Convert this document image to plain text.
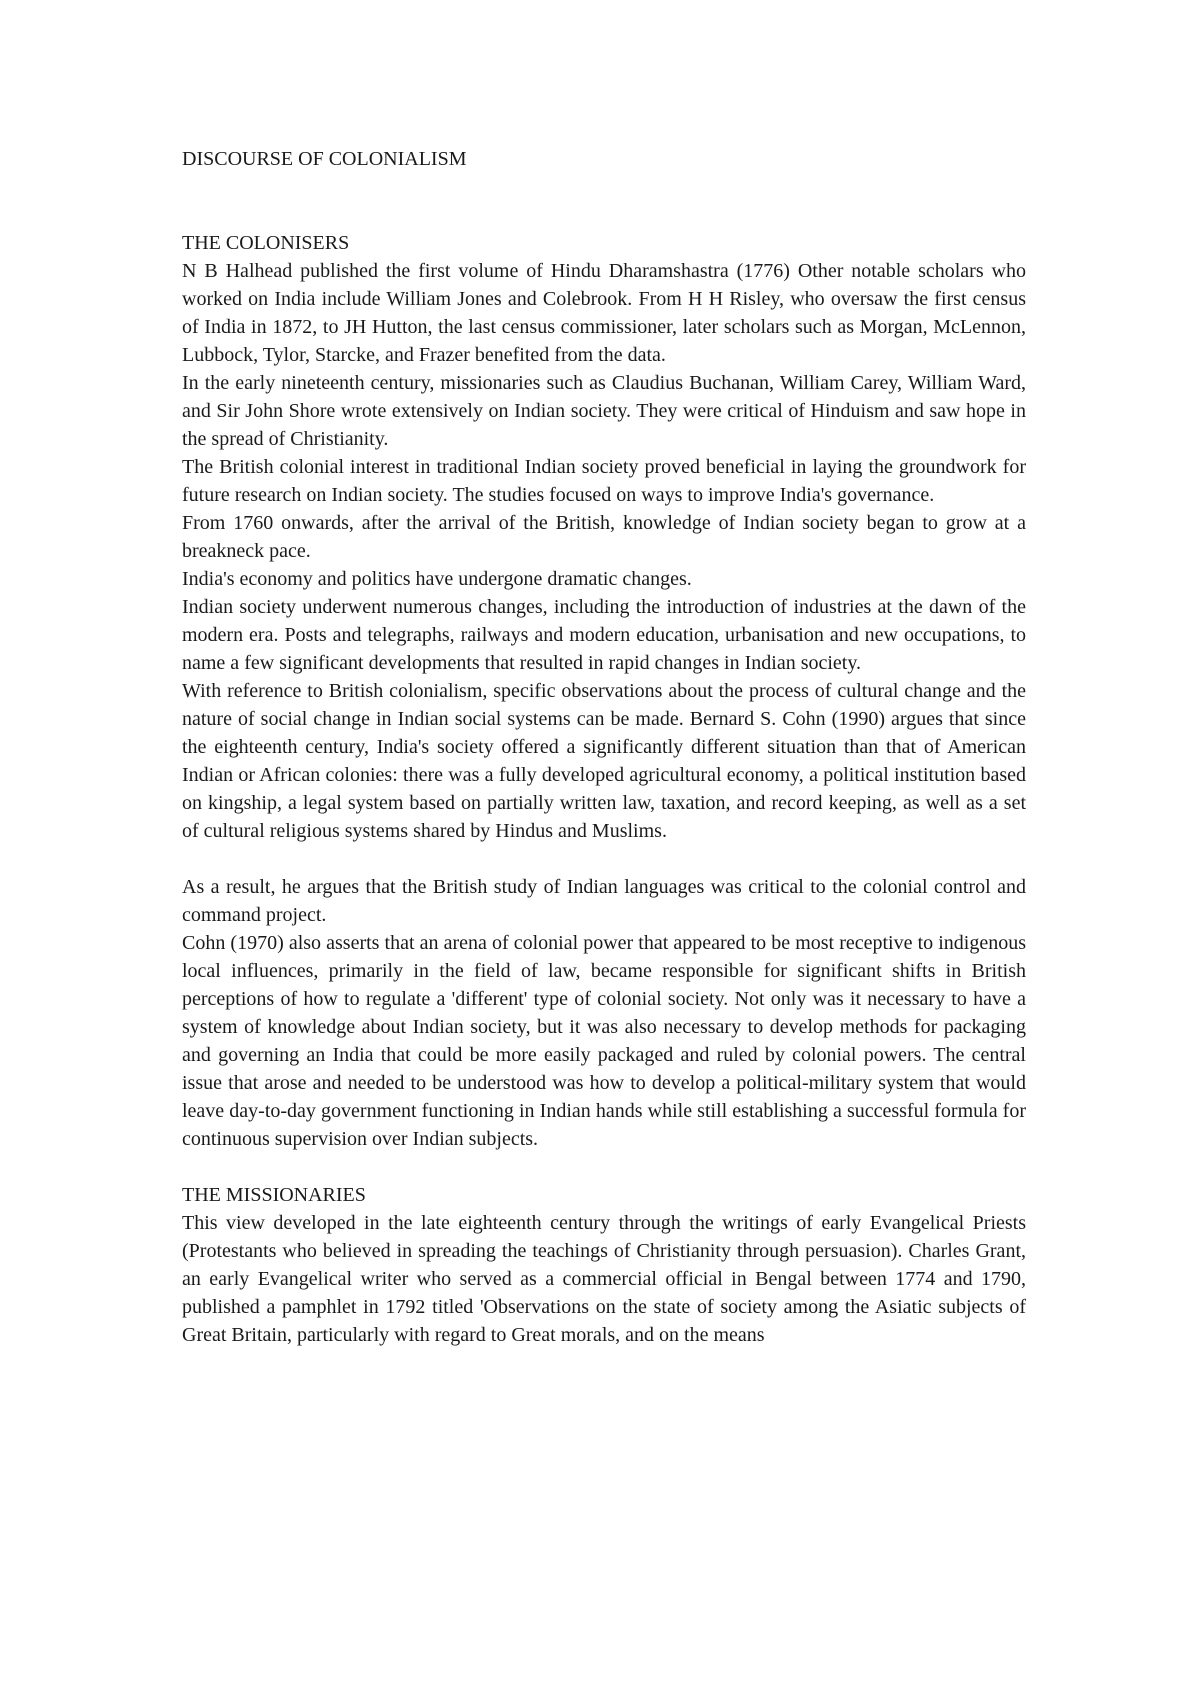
DISCOURSE OF COLONIALISM
THE COLONISERS

N B Halhead published the first volume of Hindu Dharamshastra (1776) Other notable scholars who worked on India include William Jones and Colebrook. From H H Risley, who oversaw the first census of India in 1872, to JH Hutton, the last census commissioner, later scholars such as Morgan, McLennon, Lubbock, Tylor, Starcke, and Frazer benefited from the data.

In the early nineteenth century, missionaries such as Claudius Buchanan, William Carey, William Ward, and Sir John Shore wrote extensively on Indian society. They were critical of Hinduism and saw hope in the spread of Christianity.

The British colonial interest in traditional Indian society proved beneficial in laying the groundwork for future research on Indian society. The studies focused on ways to improve India's governance.

From 1760 onwards, after the arrival of the British, knowledge of Indian society began to grow at a breakneck pace.

India's economy and politics have undergone dramatic changes.

Indian society underwent numerous changes, including the introduction of industries at the dawn of the modern era. Posts and telegraphs, railways and modern education, urbanisation and new occupations, to name a few significant developments that resulted in rapid changes in Indian society.

With reference to British colonialism, specific observations about the process of cultural change and the nature of social change in Indian social systems can be made. Bernard S. Cohn (1990) argues that since the eighteenth century, India's society offered a significantly different situation than that of American Indian or African colonies: there was a fully developed agricultural economy, a political institution based on kingship, a legal system based on partially written law, taxation, and record keeping, as well as a set of cultural religious systems shared by Hindus and Muslims.

As a result, he argues that the British study of Indian languages was critical to the colonial control and command project.

Cohn (1970) also asserts that an arena of colonial power that appeared to be most receptive to indigenous local influences, primarily in the field of law, became responsible for significant shifts in British perceptions of how to regulate a 'different' type of colonial society. Not only was it necessary to have a system of knowledge about Indian society, but it was also necessary to develop methods for packaging and governing an India that could be more easily packaged and ruled by colonial powers. The central issue that arose and needed to be understood was how to develop a political-military system that would leave day-to-day government functioning in Indian hands while still establishing a successful formula for continuous supervision over Indian subjects.

THE MISSIONARIES

This view developed in the late eighteenth century through the writings of early Evangelical Priests (Protestants who believed in spreading the teachings of Christianity through persuasion). Charles Grant, an early Evangelical writer who served as a commercial official in Bengal between 1774 and 1790, published a pamphlet in 1792 titled 'Observations on the state of society among the Asiatic subjects of Great Britain, particularly with regard to Great morals, and on the means
